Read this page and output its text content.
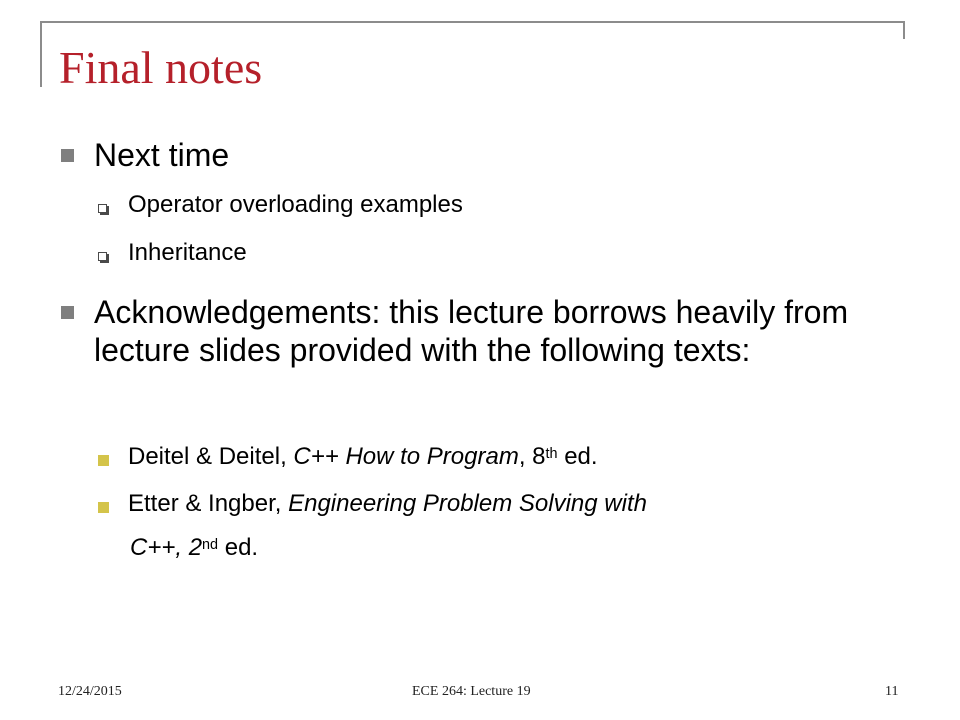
Final notes
Next time
Operator overloading examples
Inheritance
Acknowledgements: this lecture borrows heavily from lecture slides provided with the following texts:
Deitel & Deitel, C++ How to Program, 8th ed.
Etter & Ingber, Engineering Problem Solving with
C++, 2nd ed.
12/24/2015	ECE 264: Lecture 19	11
